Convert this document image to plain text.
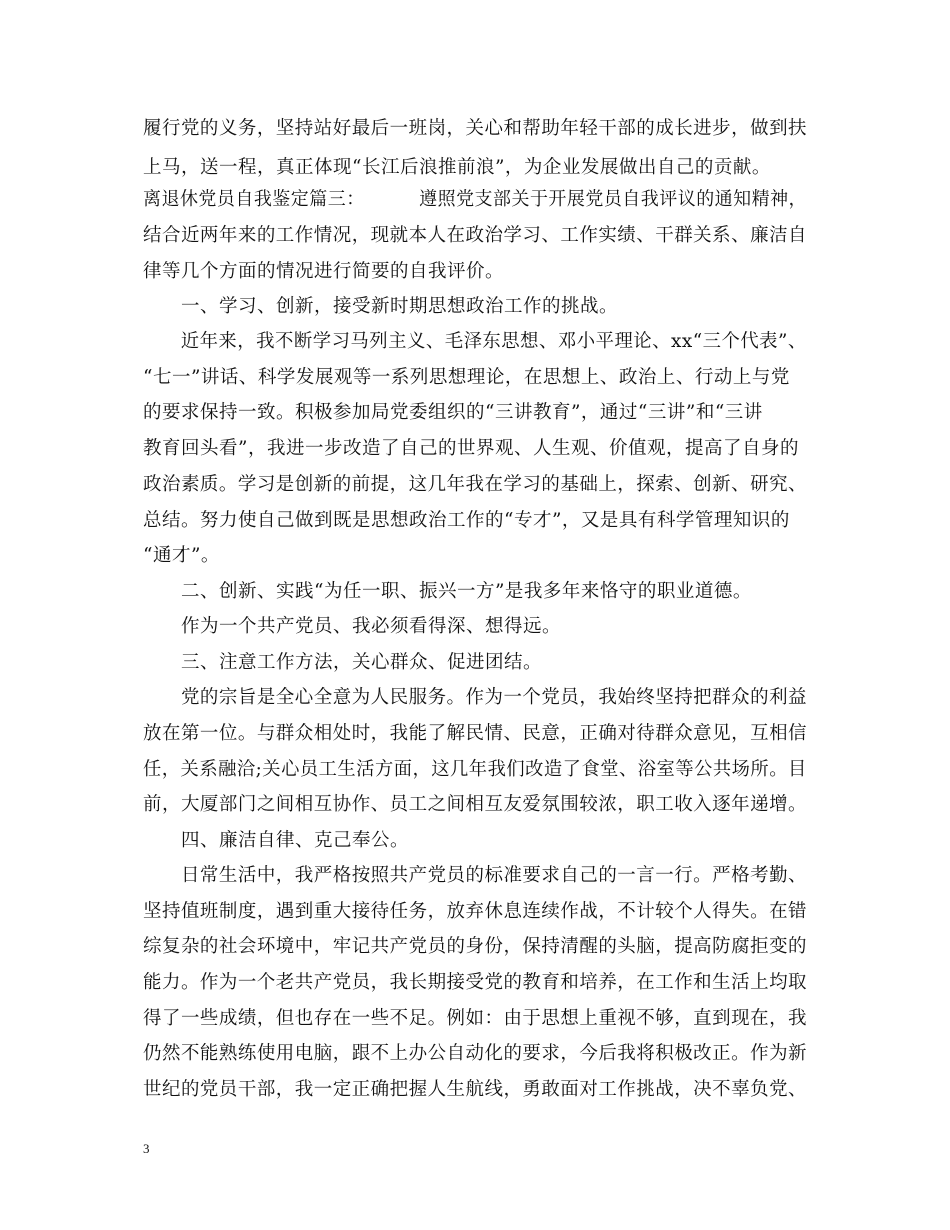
履行党的义务，坚持站好最后一班岗，关心和帮助年轻干部的成长进步，做到扶
上马，送一程，真正体现“长江后浪推前浪”，为企业发展做出自己的贡献。
离退休党员自我鉴定篇三：	遵照党支部关于开展党员自我评议的通知精神，
结合近两年来的工作情况，现就本人在政治学习、工作实绩、干群关系、廉洁自
律等几个方面的情况进行简要的自我评价。
　　一、学习、创新，接受新时期思想政治工作的挑战。
　　近年来，我不断学习马列主义、毛泽东思想、邓小平理论、xx“三个代表”、
“七一”讲话、科学发展观等一系列思想理论，在思想上、政治上、行动上与党
的要求保持一致。积极参加局党委组织的“三讲教育”，通过“三讲”和“三讲
教育回头看”，我进一步改造了自己的世界观、人生观、价值观，提高了自身的
政治素质。学习是创新的前提，这几年我在学习的基础上，探索、创新、研究、
总结。努力使自己做到既是思想政治工作的“专才”，又是具有科学管理知识的
“通才”。
　　二、创新、实践“为任一职、振兴一方”是我多年来恪守的职业道德。
　　作为一个共产党员、我必须看得深、想得远。
　　三、注意工作方法，关心群众、促进团结。
　　党的宗旨是全心全意为人民服务。作为一个党员，我始终坚持把群众的利益
放在第一位。与群众相处时，我能了解民情、民意，正确对待群众意见，互相信
任，关系融洽;关心员工生活方面，这几年我们改造了食堂、浴室等公共场所。目
前，大厦部门之间相互协作、员工之间相互友爱氛围较浓，职工收入逐年递增。
　　四、廉洁自律、克己奉公。
　　日常生活中，我严格按照共产党员的标准要求自己的一言一行。严格考勤、
坚持值班制度，遇到重大接待任务，放弃休息连续作战，不计较个人得失。在错
综复杂的社会环境中，牢记共产党员的身份，保持清醒的头脑，提高防腐拒变的
能力。作为一个老共产党员，我长期接受党的教育和培养，在工作和生活上均取
得了一些成绩，但也存在一些不足。例如：由于思想上重视不够，直到现在，我
仍然不能熟练使用电脑，跟不上办公自动化的要求，今后我将积极改正。作为新
世纪的党员干部，我一定正确把握人生航线，勇敢面对工作挑战，决不辜负党、
3
